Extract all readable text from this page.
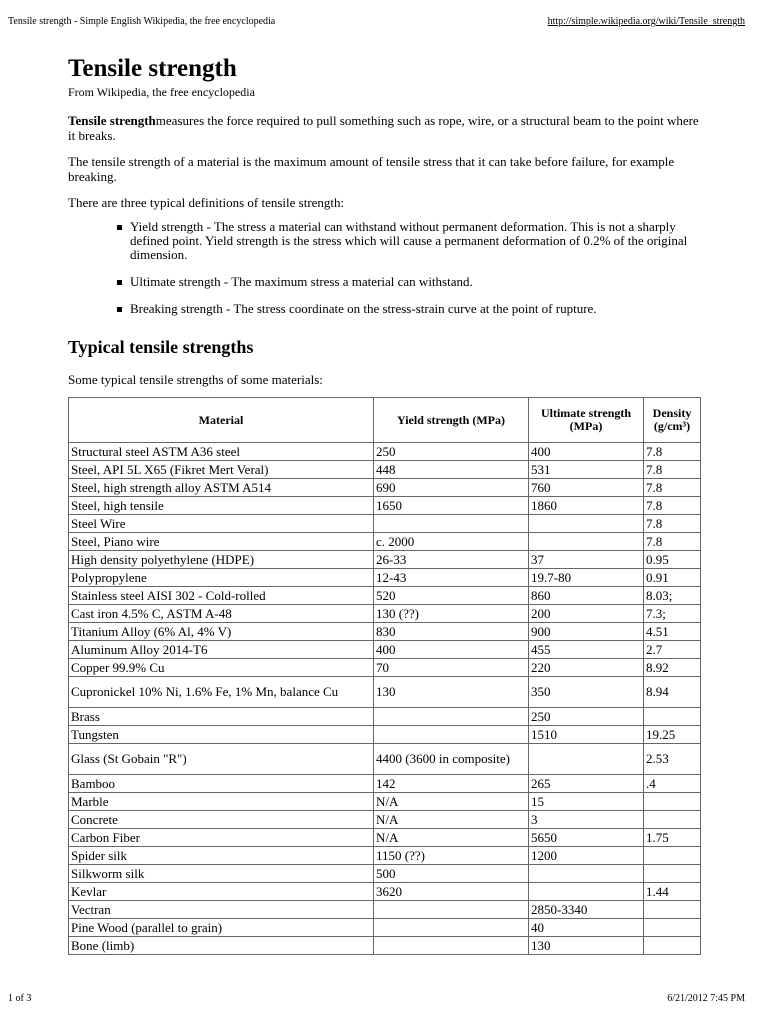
Tensile strength - Simple English Wikipedia, the free encyclopedia	http://simple.wikipedia.org/wiki/Tensile_strength
Tensile strength
From Wikipedia, the free encyclopedia

Tensile strengthmeasures the force required to pull something such as rope, wire, or a structural beam to the point where it breaks.

The tensile strength of a material is the maximum amount of tensile stress that it can take before failure, for example breaking.

There are three typical definitions of tensile strength:

Yield strength - The stress a material can withstand without permanent deformation. This is not a sharply defined point. Yield strength is the stress which will cause a permanent deformation of 0.2% of the original dimension.
Ultimate strength - The maximum stress a material can withstand.
Breaking strength - The stress coordinate on the stress-strain curve at the point of rupture.
Typical tensile strengths

Some typical tensile strengths of some materials:

Material	Yield strength (MPa)	Ultimate strength (MPa)	Density (g/cm³)
Structural steel ASTM A36 steel	250	400	7.8
Steel, API 5L X65 (Fikret Mert Veral)	448	531	7.8
Steel, high strength alloy ASTM A514	690	760	7.8
Steel, high tensile	1650	1860	7.8
Steel Wire			7.8
Steel, Piano wire	c. 2000		7.8
High density polyethylene (HDPE)	26-33	37	0.95
Polypropylene	12-43	19.7-80	0.91
Stainless steel AISI 302 - Cold-rolled	520	860	8.03;
Cast iron 4.5% C, ASTM A-48	130 (??)	200	7.3;
Titanium Alloy (6% Al, 4% V)	830	900	4.51
Aluminum Alloy 2014-T6	400	455	2.7
Copper 99.9% Cu	70	220	8.92
Cupronickel 10% Ni, 1.6% Fe, 1% Mn, balance Cu	130	350	8.94
Brass		250	
Tungsten		1510	19.25
Glass (St Gobain "R")	4400 (3600 in composite)		2.53
Bamboo	142	265	.4
Marble	N/A	15	
Concrete	N/A	3	
Carbon Fiber	N/A	5650	1.75
Spider silk	1150 (??)	1200	
Silkworm silk	500		
Kevlar	3620		1.44
Vectran		2850-3340	
Pine Wood (parallel to grain)		40	
Bone (limb)		130	
1 of 3	6/21/2012 7:45 PM
